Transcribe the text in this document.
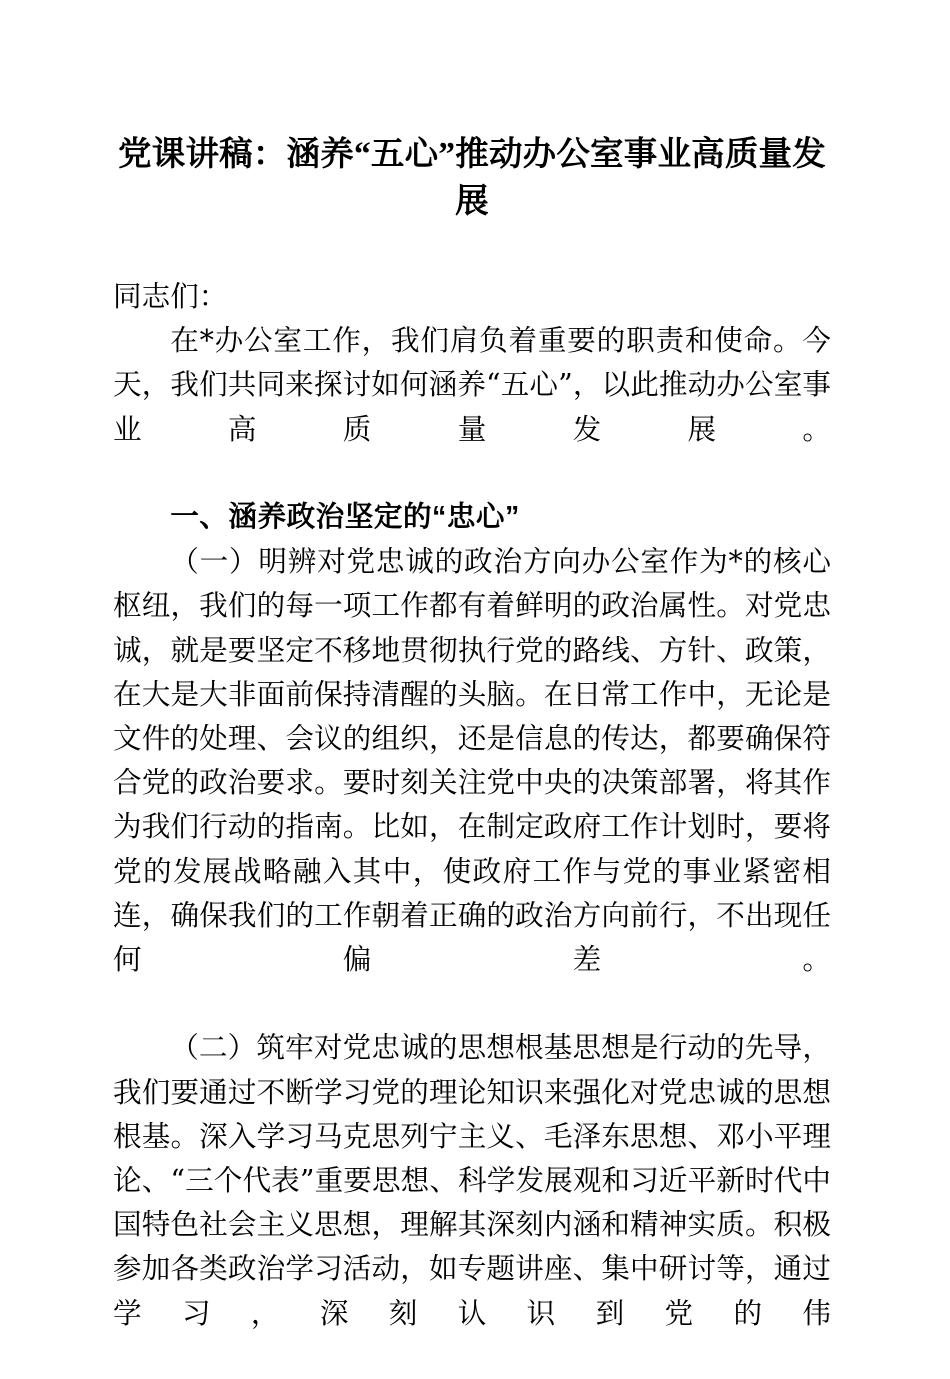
党课讲稿：涵养“五心”推动办公室事业高质量发展

同志们：

在*办公室工作，我们肩负着重要的职责和使命。今天，我们共同来探讨如何涵养“五心”，以此推动办公室事业高质量发展。

一、涵养政治坚定的“忠心”

（一）明辨对党忠诚的政治方向办公室作为*的核心枢纽，我们的每一项工作都有着鲜明的政治属性。对党忠诚，就是要坚定不移地贯彻执行党的路线、方针、政策，在大是大非面前保持清醒的头脑。在日常工作中，无论是文件的处理、会议的组织，还是信息的传达，都要确保符合党的政治要求。要时刻关注党中央的决策部署，将其作为我们行动的指南。比如，在制定政府工作计划时，要将党的发展战略融入其中，使政府工作与党的事业紧密相连，确保我们的工作朝着正确的政治方向前行，不出现任何偏差。

（二）筑牢对党忠诚的思想根基思想是行动的先导，我们要通过不断学习党的理论知识来强化对党忠诚的思想根基。深入学习马克思列宁主义、毛泽东思想、邓小平理论、“三个代表”重要思想、科学发展观和习近平新时代中国特色社会主义思想，理解其深刻内涵和精神实质。积极参加各类政治学习活动，如专题讲座、集中研讨等，通过学习，深刻认识到党的伟
